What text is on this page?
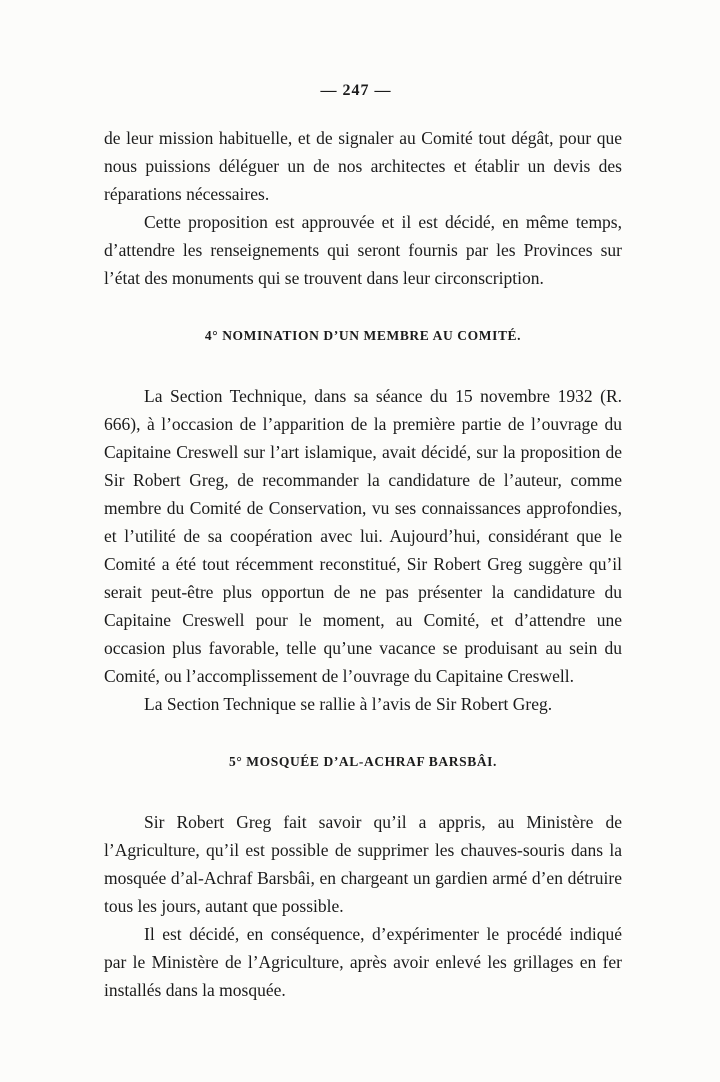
— 247 —

de leur mission habituelle, et de signaler au Comité tout dégât, pour que nous puissions déléguer un de nos architectes et établir un devis des réparations nécessaires.

Cette proposition est approuvée et il est décidé, en même temps, d’attendre les renseignements qui seront fournis par les Provinces sur l’état des monuments qui se trouvent dans leur circonscription.

4° NOMINATION D’UN MEMBRE AU COMITÉ.

La Section Technique, dans sa séance du 15 novembre 1932 (R. 666), à l’occasion de l’apparition de la première partie de l’ouvrage du Capitaine Creswell sur l’art islamique, avait décidé, sur la proposition de Sir Robert Greg, de recommander la candidature de l’auteur, comme membre du Comité de Conservation, vu ses connaissances approfondies, et l’utilité de sa coopération avec lui. Aujourd’hui, considérant que le Comité a été tout récemment reconstitué, Sir Robert Greg suggère qu’il serait peut-être plus opportun de ne pas présenter la candidature du Capitaine Creswell pour le moment, au Comité, et d’attendre une occasion plus favorable, telle qu’une vacance se produisant au sein du Comité, ou l’accomplissement de l’ouvrage du Capitaine Creswell.

La Section Technique se rallie à l’avis de Sir Robert Greg.

5° MOSQUÉE D’AL-ACHRAF BARSBÂI.

Sir Robert Greg fait savoir qu’il a appris, au Ministère de l’Agriculture, qu’il est possible de supprimer les chauves-souris dans la mosquée d’al-Achraf Barsbâi, en chargeant un gardien armé d’en détruire tous les jours, autant que possible.

Il est décidé, en conséquence, d’expérimenter le procédé indiqué par le Ministère de l’Agriculture, après avoir enlevé les grillages en fer installés dans la mosquée.
